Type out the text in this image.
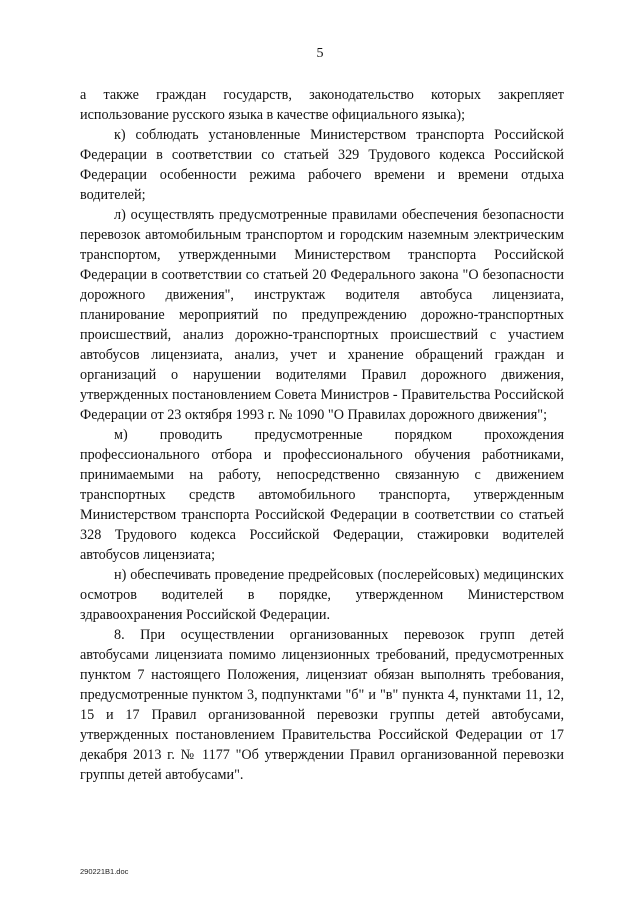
5

а также граждан государств, законодательство которых закрепляет использование русского языка в качестве официального языка);

к) соблюдать установленные Министерством транспорта Российской Федерации в соответствии со статьей 329 Трудового кодекса Российской Федерации особенности режима рабочего времени и времени отдыха водителей;

л) осуществлять предусмотренные правилами обеспечения безопасности перевозок автомобильным транспортом и городским наземным электрическим транспортом, утвержденными Министерством транспорта Российской Федерации в соответствии со статьей 20 Федерального закона "О безопасности дорожного движения", инструктаж водителя автобуса лицензиата, планирование мероприятий по предупреждению дорожно-транспортных происшествий, анализ дорожно-транспортных происшествий с участием автобусов лицензиата, анализ, учет и хранение обращений граждан и организаций о нарушении водителями Правил дорожного движения, утвержденных постановлением Совета Министров - Правительства Российской Федерации от 23 октября 1993 г. № 1090 "О Правилах дорожного движения";

м) проводить предусмотренные порядком прохождения профессионального отбора и профессионального обучения работниками, принимаемыми на работу, непосредственно связанную с движением транспортных средств автомобильного транспорта, утвержденным Министерством транспорта Российской Федерации в соответствии со статьей 328 Трудового кодекса Российской Федерации, стажировки водителей автобусов лицензиата;

н) обеспечивать проведение предрейсовых (послерейсовых) медицинских осмотров водителей в порядке, утвержденном Министерством здравоохранения Российской Федерации.

8. При осуществлении организованных перевозок групп детей автобусами лицензиата помимо лицензионных требований, предусмотренных пунктом 7 настоящего Положения, лицензиат обязан выполнять требования, предусмотренные пунктом 3, подпунктами "б" и "в" пункта 4, пунктами 11, 12, 15 и 17 Правил организованной перевозки группы детей автобусами, утвержденных постановлением Правительства Российской Федерации от 17 декабря 2013 г. № 1177 "Об утверждении Правил организованной перевозки группы детей автобусами".

290221B1.doc
